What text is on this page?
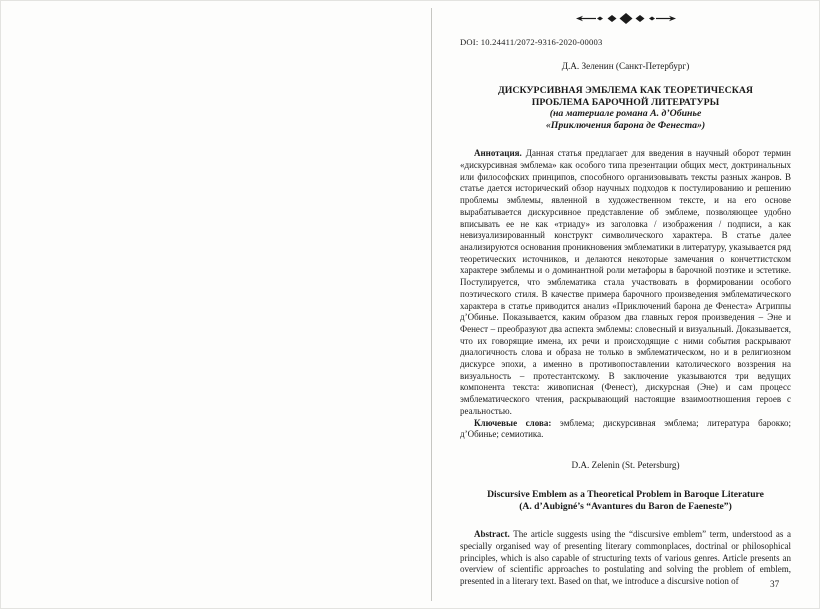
DOI: 10.24411/2072-9316-2020-00003
Д.А. Зеленин (Санкт-Петербург)
ДИСКУРСИВНАЯ ЭМБЛЕМА КАК ТЕОРЕТИЧЕСКАЯ
ПРОБЛЕМА БАРОЧНОЙ ЛИТЕРАТУРЫ
(на материале романа А. д’Обинье
«Приключения барона де Фенеста»)

Аннотация. Данная статья предлагает для введения в научный оборот термин «дискурсивная эмблема» как особого типа презентации общих мест, доктринальных или философских принципов, способного организовывать тексты разных жанров. В статье дается исторический обзор научных подходов к постулированию и решению проблемы эмблемы, явленной в художественном тексте, и на его основе вырабатывается дискурсивное представление об эмблеме, позволяющее удобно вписывать ее не как «триаду» из заголовка / изображения / подписи, а как невизуализированный конструкт символического характера. В статье далее анализируются основания проникновения эмблематики в литературу, указывается ряд теоретических источников, и делаются некоторые замечания о кончеттистском характере эмблемы и о доминантной роли метафоры в барочной поэтике и эстетике. Постулируется, что эмблематика стала участвовать в формировании особого поэтического стиля. В качестве примера барочного произведения эмблематического характера в статье приводится анализ «Приключений барона де Фенеста» Агриппы д’Обинье. Показывается, каким образом два главных героя произведения – Эне и Фенест – преобразуют два аспекта эмблемы: словесный и визуальный. Доказывается, что их говорящие имена, их речи и происходящие с ними события раскрывают диалогичность слова и образа не только в эмблематическом, но и в религиозном дискурсе эпохи, а именно в противопоставлении католического воззрения на визуальность – протестантскому. В заключение указываются три ведущих компонента текста: живописная (Фенест), дискурсная (Эне) и сам процесс эмблематического чтения, раскрывающий настоящие взаимоотношения героев с реальностью.

Ключевые слова: эмблема; дискурсивная эмблема; литература барокко; д’Обинье; семиотика.

D.A. Zelenin (St. Petersburg)
Discursive Emblem as a Theoretical Problem in Baroque Literature
(A. d’Aubigné’s “Avantures du Baron de Faeneste”)

Abstract. The article suggests using the “discursive emblem” term, understood as a specially organised way of presenting literary commonplaces, doctrinal or philosophical principles, which is also capable of structuring texts of various genres. Article presents an overview of scientific approaches to postulating and solving the problem of emblem, presented in a literary text. Based on that, we introduce a discursive notion of	37
